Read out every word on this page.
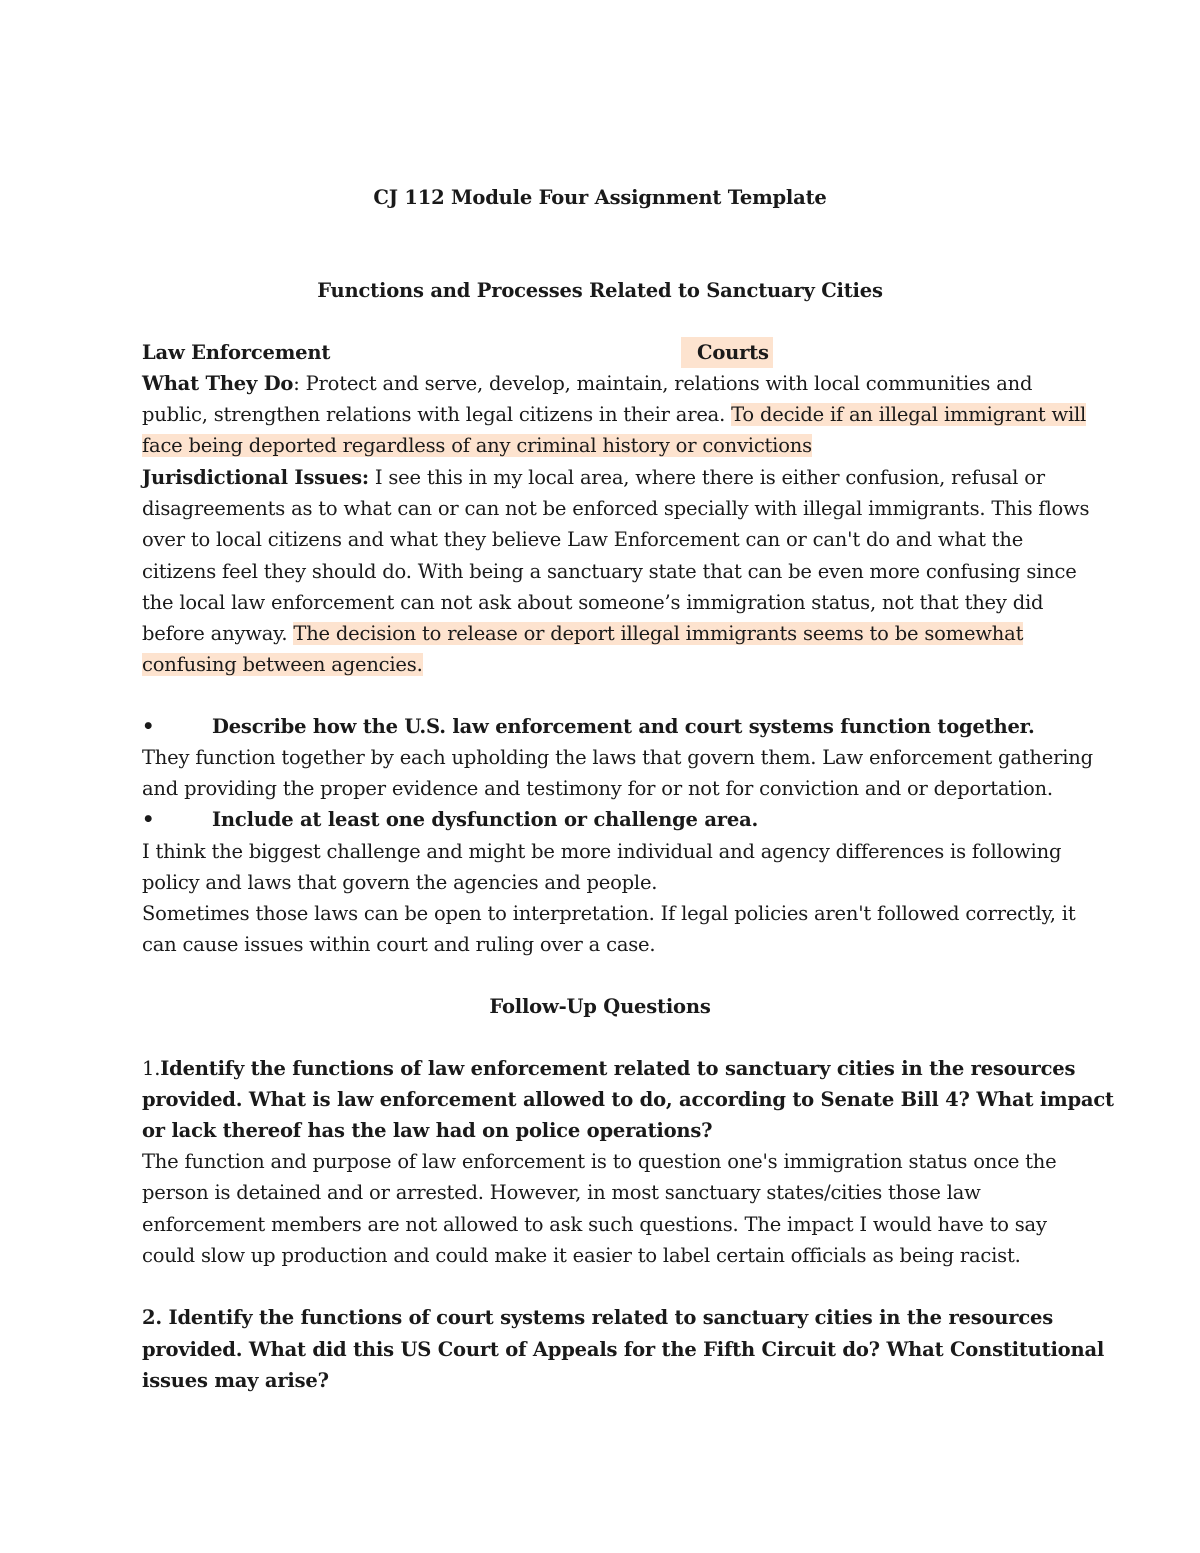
CJ 112 Module Four Assignment Template
Functions and Processes Related to Sanctuary Cities
Law Enforcement	Courts
What They Do: Protect and serve, develop, maintain, relations with local communities and
public, strengthen relations with legal citizens in their area. To decide if an illegal immigrant will
face being deported regardless of any criminal history or convictions
Jurisdictional Issues: I see this in my local area, where there is either confusion, refusal or
disagreements as to what can or can not be enforced specially with illegal immigrants. This flows
over to local citizens and what they believe Law Enforcement can or can't do and what the
citizens feel they should do. With being a sanctuary state that can be even more confusing since
the local law enforcement can not ask about someone’s immigration status, not that they did
before anyway. The decision to release or deport illegal immigrants seems to be somewhat
confusing between agencies.
•	Describe how the U.S. law enforcement and court systems function together.
They function together by each upholding the laws that govern them. Law enforcement gathering
and providing the proper evidence and testimony for or not for conviction and or deportation.
•	Include at least one dysfunction or challenge area.
I think the biggest challenge and might be more individual and agency differences is following
policy and laws that govern the agencies and people.
Sometimes those laws can be open to interpretation. If legal policies aren't followed correctly, it
can cause issues within court and ruling over a case.
Follow-Up Questions
1.Identify the functions of law enforcement related to sanctuary cities in the resources
provided. What is law enforcement allowed to do, according to Senate Bill 4? What impact
or lack thereof has the law had on police operations?
The function and purpose of law enforcement is to question one's immigration status once the
person is detained and or arrested. However, in most sanctuary states/cities those law
enforcement members are not allowed to ask such questions. The impact I would have to say
could slow up production and could make it easier to label certain officials as being racist.
2. Identify the functions of court systems related to sanctuary cities in the resources
provided. What did this US Court of Appeals for the Fifth Circuit do? What Constitutional
issues may arise?
